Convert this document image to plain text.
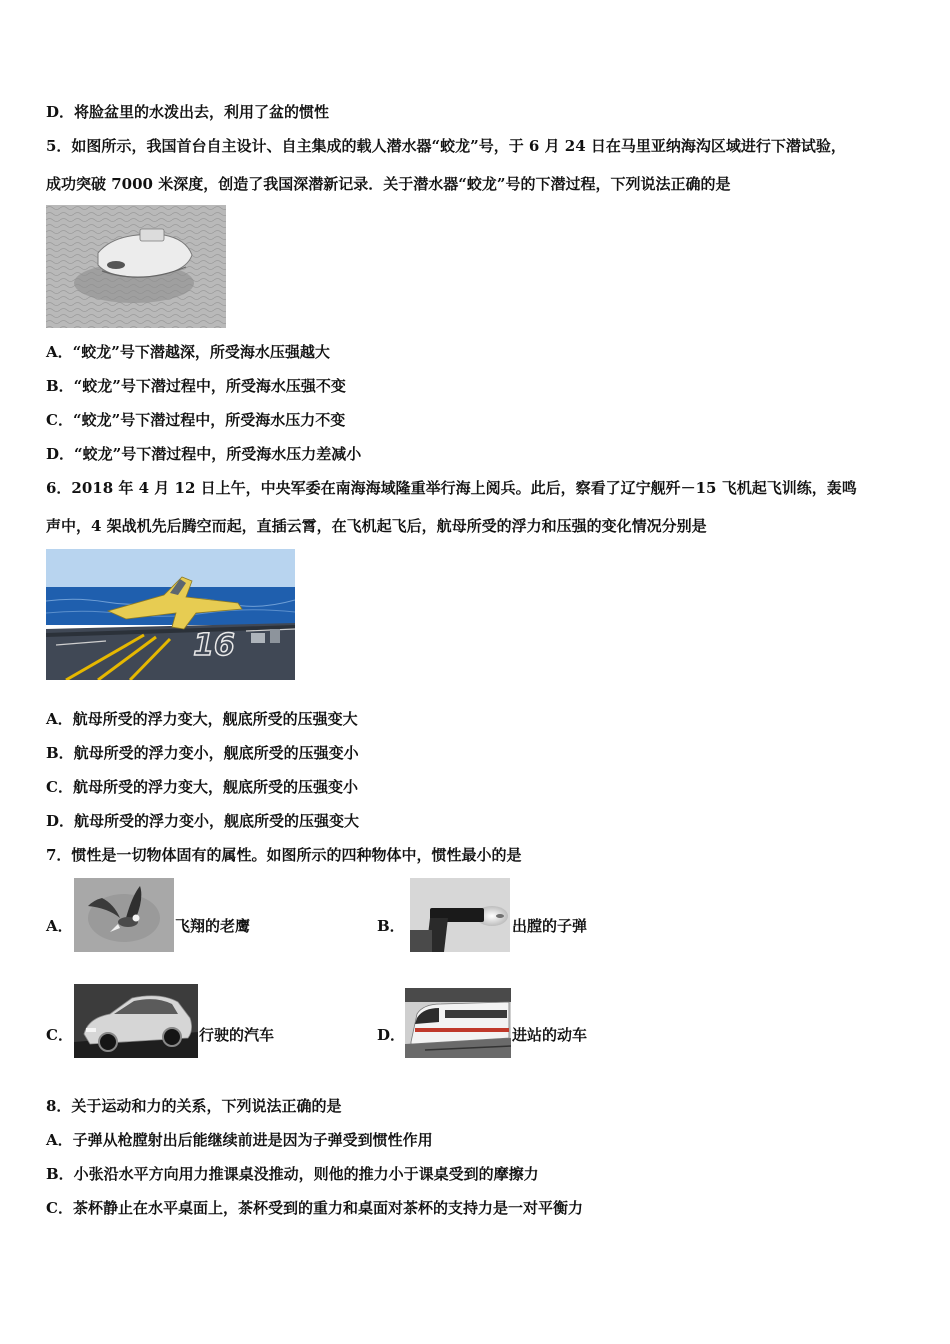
D．将脸盆里的水泼出去，利用了盆的惯性
5．如图所示，我国首台自主设计、自主集成的载人潜水器“蛟龙”号，于 6 月 24 日在马里亚纳海沟区域进行下潜试验，
成功突破 7000 米深度，创造了我国深潜新记录．关于潜水器“蛟龙”号的下潜过程，下列说法正确的是
A．“蛟龙”号下潜越深，所受海水压强越大
B．“蛟龙”号下潜过程中，所受海水压强不变
C．“蛟龙”号下潜过程中，所受海水压力不变
D．“蛟龙”号下潜过程中，所受海水压力差减小
6．2018 年 4 月 12 日上午，中央军委在南海海域隆重举行海上阅兵。此后，察看了辽宁舰歼－15 飞机起飞训练，轰鸣
声中，4 架战机先后腾空而起，直插云霄，在飞机起飞后，航母所受的浮力和压强的变化情况分别是
16
A．航母所受的浮力变大，舰底所受的压强变大
B．航母所受的浮力变小，舰底所受的压强变小
C．航母所受的浮力变大，舰底所受的压强变小
D．航母所受的浮力变小，舰底所受的压强变大
7．惯性是一切物体固有的属性。如图所示的四种物体中，惯性最小的是
A．	飞翔的老鹰	B．	出膛的子弹
C．	行驶的汽车	D．	进站的动车
8．关于运动和力的关系，下列说法正确的是
A．子弹从枪膛射出后能继续前进是因为子弹受到惯性作用
B．小张沿水平方向用力推课桌没推动，则他的推力小于课桌受到的摩擦力
C．茶杯静止在水平桌面上，茶杯受到的重力和桌面对茶杯的支持力是一对平衡力
